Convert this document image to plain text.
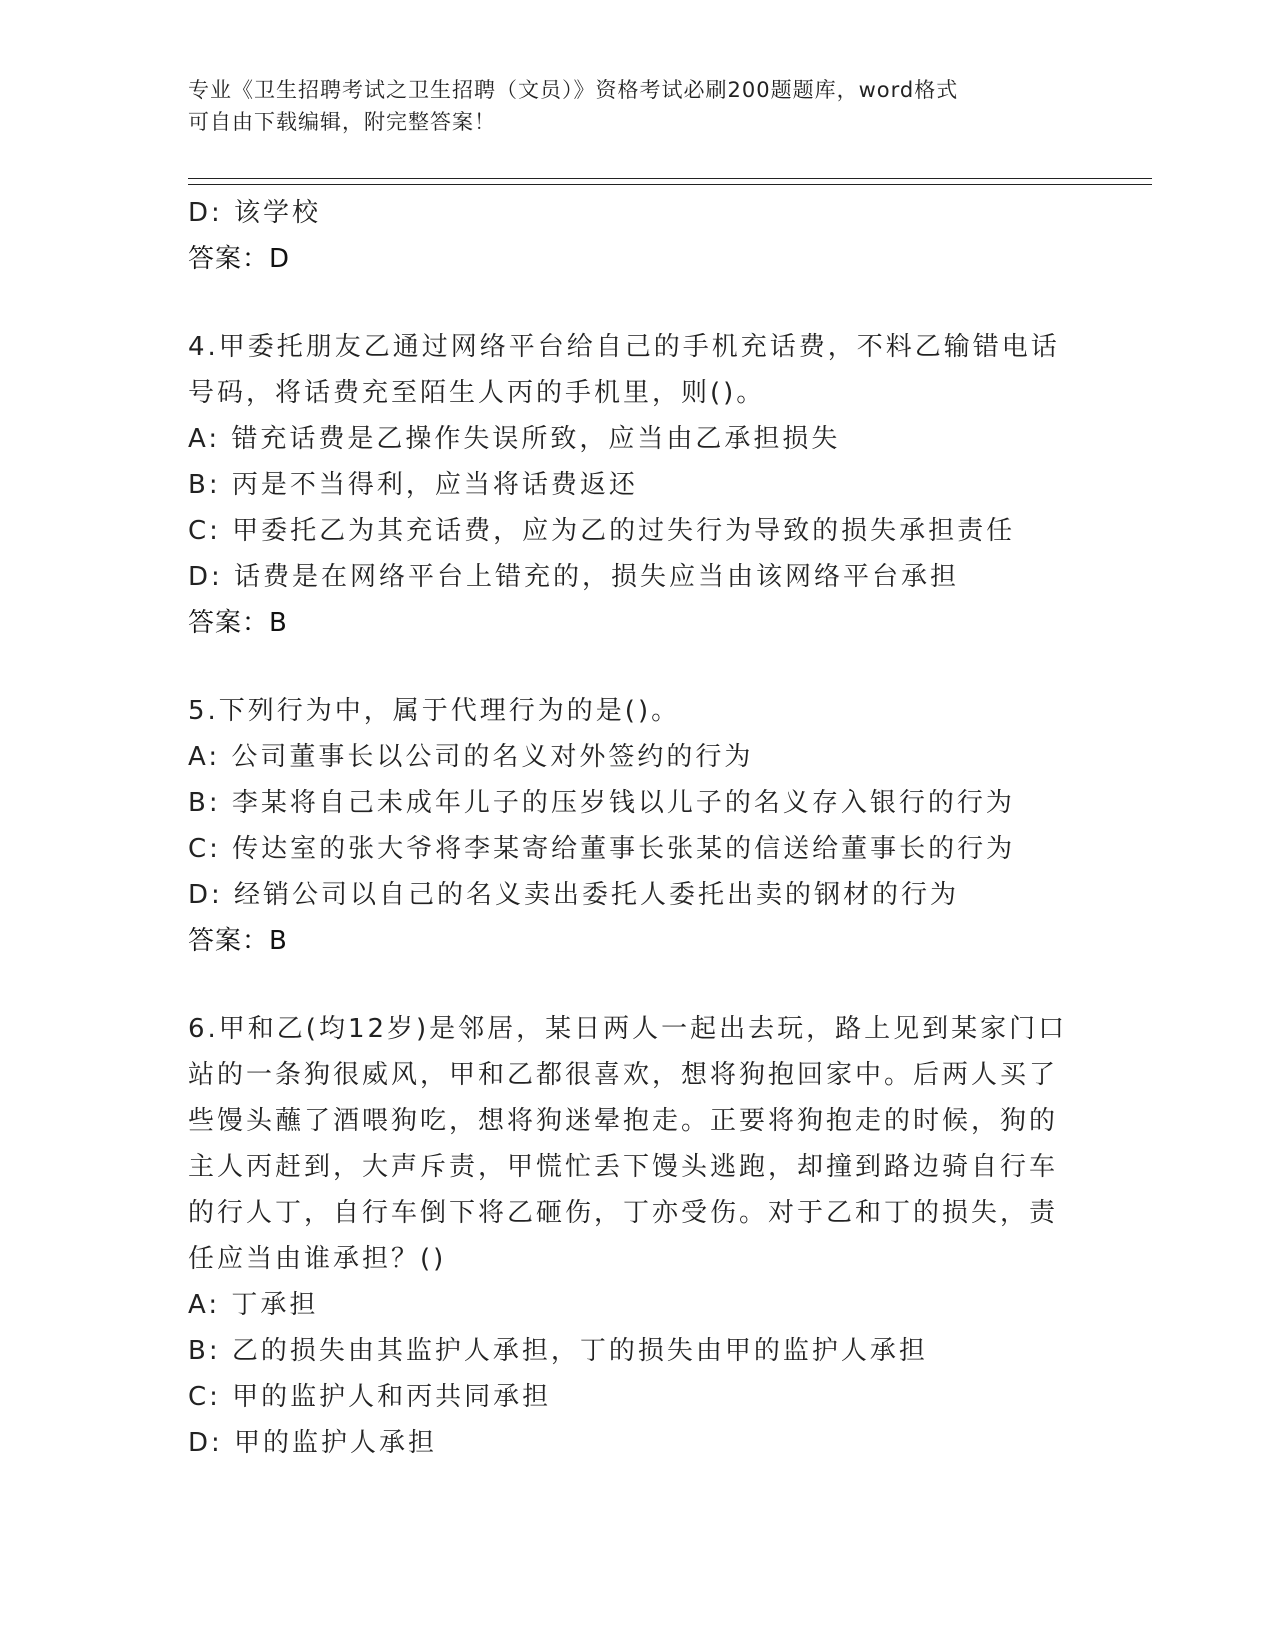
专业《卫生招聘考试之卫生招聘（文员）》资格考试必刷200题题库，word格式
可自由下载编辑，附完整答案！
D: 该学校
答案：D
4.甲委托朋友乙通过网络平台给自己的手机充话费，不料乙输错电话
号码，将话费充至陌生人丙的手机里，则()。
A: 错充话费是乙操作失误所致，应当由乙承担损失
B: 丙是不当得利，应当将话费返还
C: 甲委托乙为其充话费，应为乙的过失行为导致的损失承担责任
D: 话费是在网络平台上错充的，损失应当由该网络平台承担
答案：B
5.下列行为中，属于代理行为的是()。
A: 公司董事长以公司的名义对外签约的行为
B: 李某将自己未成年儿子的压岁钱以儿子的名义存入银行的行为
C: 传达室的张大爷将李某寄给董事长张某的信送给董事长的行为
D: 经销公司以自己的名义卖出委托人委托出卖的钢材的行为
答案：B
6.甲和乙(均12岁)是邻居，某日两人一起出去玩，路上见到某家门口
站的一条狗很威风，甲和乙都很喜欢，想将狗抱回家中。后两人买了
些馒头蘸了酒喂狗吃，想将狗迷晕抱走。正要将狗抱走的时候，狗的
主人丙赶到，大声斥责，甲慌忙丢下馒头逃跑，却撞到路边骑自行车
的行人丁，自行车倒下将乙砸伤，丁亦受伤。对于乙和丁的损失，责
任应当由谁承担？()
A: 丁承担
B: 乙的损失由其监护人承担，丁的损失由甲的监护人承担
C: 甲的监护人和丙共同承担
D: 甲的监护人承担
